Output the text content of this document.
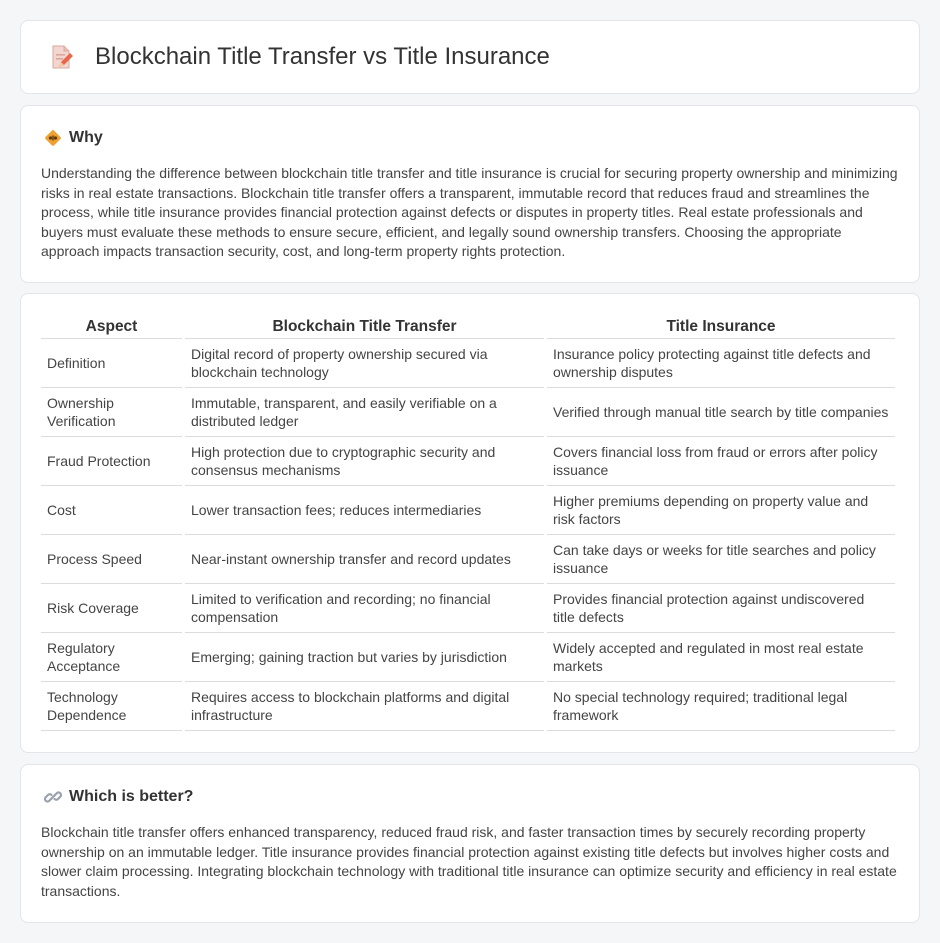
Blockchain Title Transfer vs Title Insurance
Why

Understanding the difference between blockchain title transfer and title insurance is crucial for securing property ownership and minimizing risks in real estate transactions. Blockchain title transfer offers a transparent, immutable record that reduces fraud and streamlines the process, while title insurance provides financial protection against defects or disputes in property titles. Real estate professionals and buyers must evaluate these methods to ensure secure, efficient, and legally sound ownership transfers. Choosing the appropriate approach impacts transaction security, cost, and long-term property rights protection.

Aspect	Blockchain Title Transfer	Title Insurance
Definition	Digital record of property ownership secured via blockchain technology	Insurance policy protecting against title defects and ownership disputes
Ownership Verification	Immutable, transparent, and easily verifiable on a distributed ledger	Verified through manual title search by title companies
Fraud Protection	High protection due to cryptographic security and consensus mechanisms	Covers financial loss from fraud or errors after policy issuance
Cost	Lower transaction fees; reduces intermediaries	Higher premiums depending on property value and risk factors
Process Speed	Near-instant ownership transfer and record updates	Can take days or weeks for title searches and policy issuance
Risk Coverage	Limited to verification and recording; no financial compensation	Provides financial protection against undiscovered title defects
Regulatory Acceptance	Emerging; gaining traction but varies by jurisdiction	Widely accepted and regulated in most real estate markets
Technology Dependence	Requires access to blockchain platforms and digital infrastructure	No special technology required; traditional legal framework
Which is better?

Blockchain title transfer offers enhanced transparency, reduced fraud risk, and faster transaction times by securely recording property ownership on an immutable ledger. Title insurance provides financial protection against existing title defects but involves higher costs and slower claim processing. Integrating blockchain technology with traditional title insurance can optimize security and efficiency in real estate transactions.
